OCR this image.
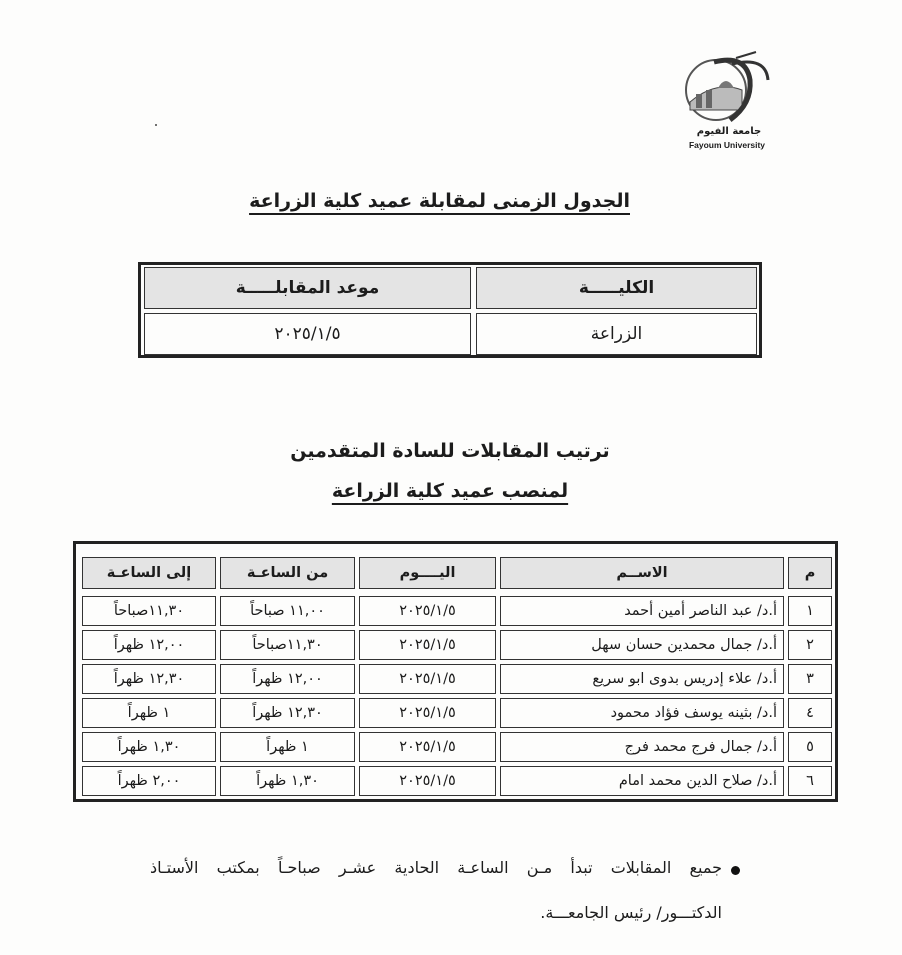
جامعة الفيوم
Fayoum University
الجدول الزمنى لمقابلة عميد كلية الزراعة
الكليـــــة
موعد المقابلـــــة
الزراعة
٢٠٢٥/١/٥
ترتيب المقابلات للسادة المتقدمين
لمنصب عميد كلية الزراعة
م
الاســم
اليــــوم
من الساعـة
إلى الساعـة
١
أ.د/ عبد الناصر أمين أحمد
٢٠٢٥/١/٥
١١,٠٠ صباحاً
١١,٣٠صباحاً
٢
أ.د/ جمال محمدين حسان سهل
٢٠٢٥/١/٥
١١,٣٠صباحاً
١٢,٠٠ ظهراً
٣
أ.د/ علاء إدريس بدوى ابو سريع
٢٠٢٥/١/٥
١٢,٠٠ ظهراً
١٢,٣٠ ظهراً
٤
أ.د/ بثينه يوسف فؤاد محمود
٢٠٢٥/١/٥
١٢,٣٠ ظهراً
١ ظهراً
٥
أ.د/ جمال فرج محمد فرج
٢٠٢٥/١/٥
١ ظهراً
١,٣٠ ظهراً
٦
أ.د/ صلاح الدين محمد امام
٢٠٢٥/١/٥
١,٣٠ ظهراً
٢,٠٠ ظهراً
جميع المقابلات تبدأ مـن الساعـة الحادية عشـر صباحـاً بمكتب الأستـاذ
الدكتـــور/ رئيس الجامعـــة.
